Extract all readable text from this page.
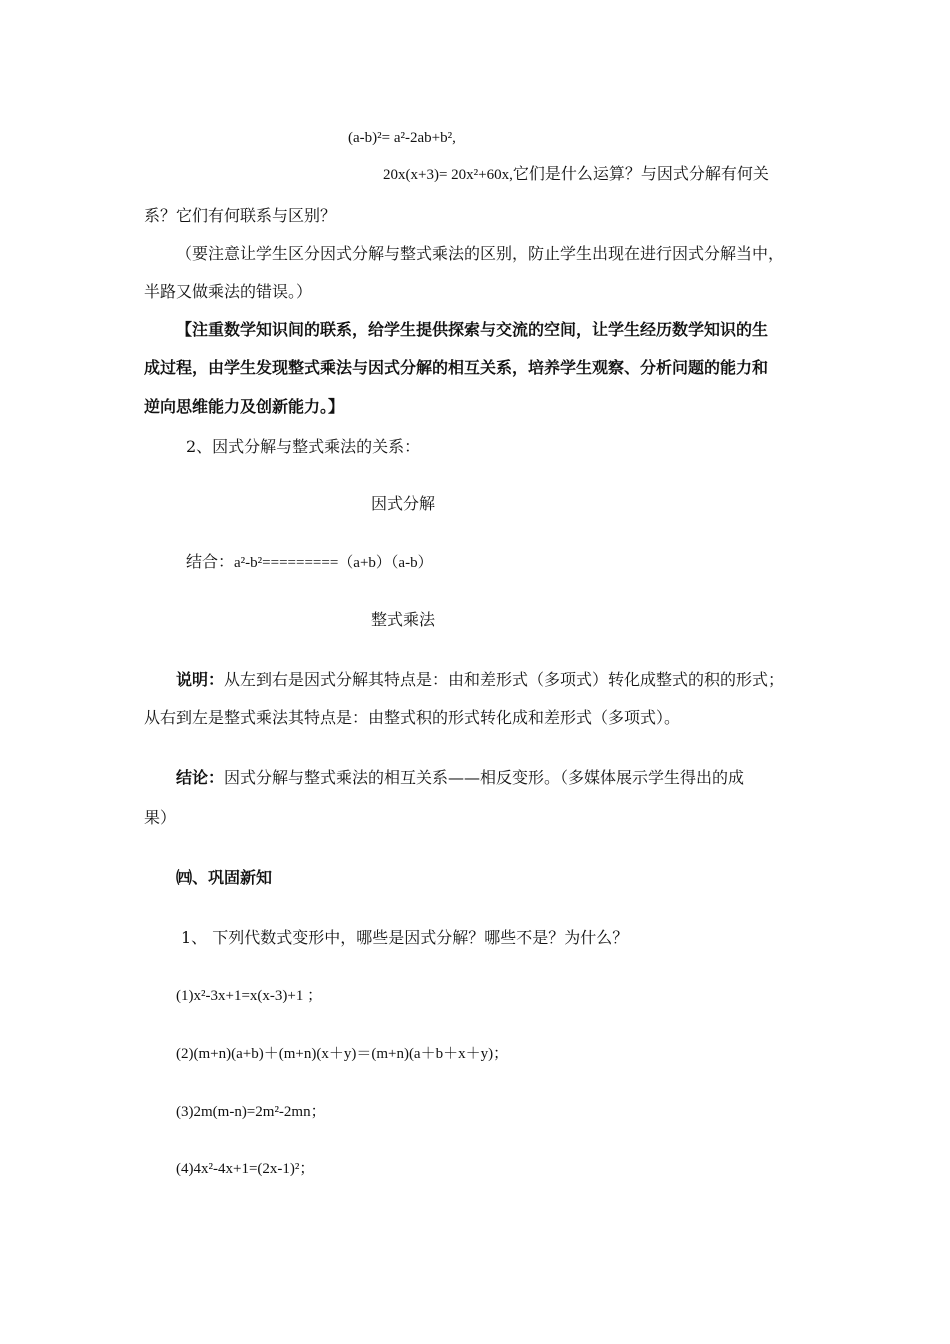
(a-b)²= a²-2ab+b²,
20x(x+3)= 20x²+60x,它们是什么运算？与因式分解有何关
系？它们有何联系与区别？
（要注意让学生区分因式分解与整式乘法的区别，防止学生出现在进行因式分解当中，
半路又做乘法的错误。）
【注重数学知识间的联系，给学生提供探索与交流的空间，让学生经历数学知识的生
成过程，由学生发现整式乘法与因式分解的相互关系，培养学生观察、分析问题的能力和
逆向思维能力及创新能力。】
2、因式分解与整式乘法的关系：
因式分解
结合：a²-b²=========（a+b）（a-b）
整式乘法
说明：从左到右是因式分解其特点是：由和差形式（多项式）转化成整式的积的形式；
从右到左是整式乘法其特点是：由整式积的形式转化成和差形式（多项式）。
结论：因式分解与整式乘法的相互关系——相反变形。（多媒体展示学生得出的成
果）
㈣、巩固新知
1、 下列代数式变形中，哪些是因式分解？哪些不是？为什么？
(1)x²-3x+1=x(x-3)+1 ；
(2)(m+n)(a+b)＋(m+n)(x＋y)＝(m+n)(a＋b＋x＋y)；
(3)2m(m-n)=2m²-2mn；
(4)4x²-4x+1=(2x-1)²；
